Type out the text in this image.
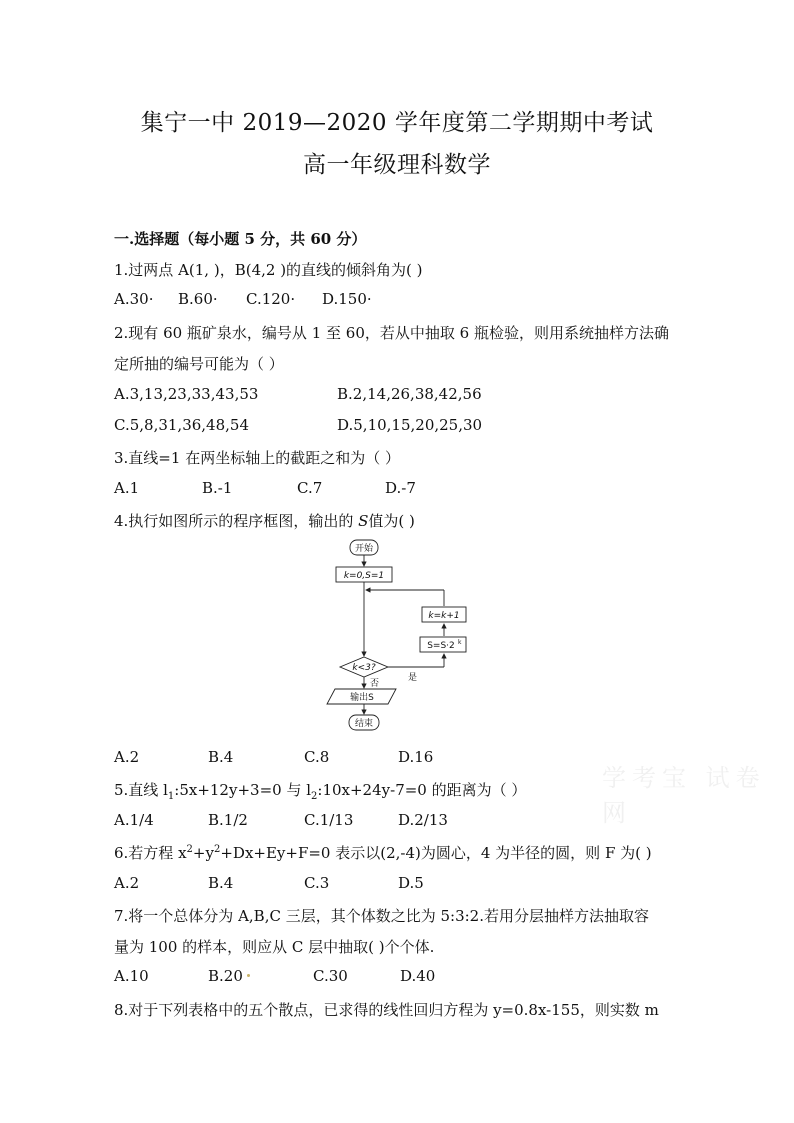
集宁一中 2019—2020 学年度第二学期期中考试
高一年级理科数学
一.选择题（每小题 5 分，共 60 分）
1.过两点 A(1, )，B(4,2 )的直线的倾斜角为( )
A.30· B.60· C.120· D.150·
2.现有 60 瓶矿泉水，编号从 1 至 60，若从中抽取 6 瓶检验，则用系统抽样方法确
定所抽的编号可能为（ ）
A.3,13,23,33,43,53	B.2,14,26,38,42,56
C.5,8,31,36,48,54	D.5,10,15,20,25,30
3.直线=1 在两坐标轴上的截距之和为（ ）
A.1	B.-1	C.7	D.-7
4.执行如图所示的程序框图，输出的 S值为( )
开始
k=0,S=1
k=k+1
S=S·2 k
k<3?
否
是
输出S
结束
A.2	B.4	C.8	D.16
学考宝 试卷网
5.直线 $l_1:5x+12y+3=0$ 与 $l_2:10x+24y-7=0$ 的距离为（ ）
A.1/4	B.1/2	C.1/13	D.2/13
6.若方程 $x^2+y^2+Dx+Ey+F=0$ 表示以(2,-4)为圆心，4 为半径的圆，则 F 为( )
A.2	B.4	C.3	D.5
7.将一个总体分为 A,B,C 三层，其个体数之比为 5:3:2.若用分层抽样方法抽取容
量为 100 的样本，则应从 C 层中抽取( )个个体.
A.10	B.20	C.30	D.40
8.对于下列表格中的五个散点，已求得的线性回归方程为 y=0.8x-155，则实数 m
